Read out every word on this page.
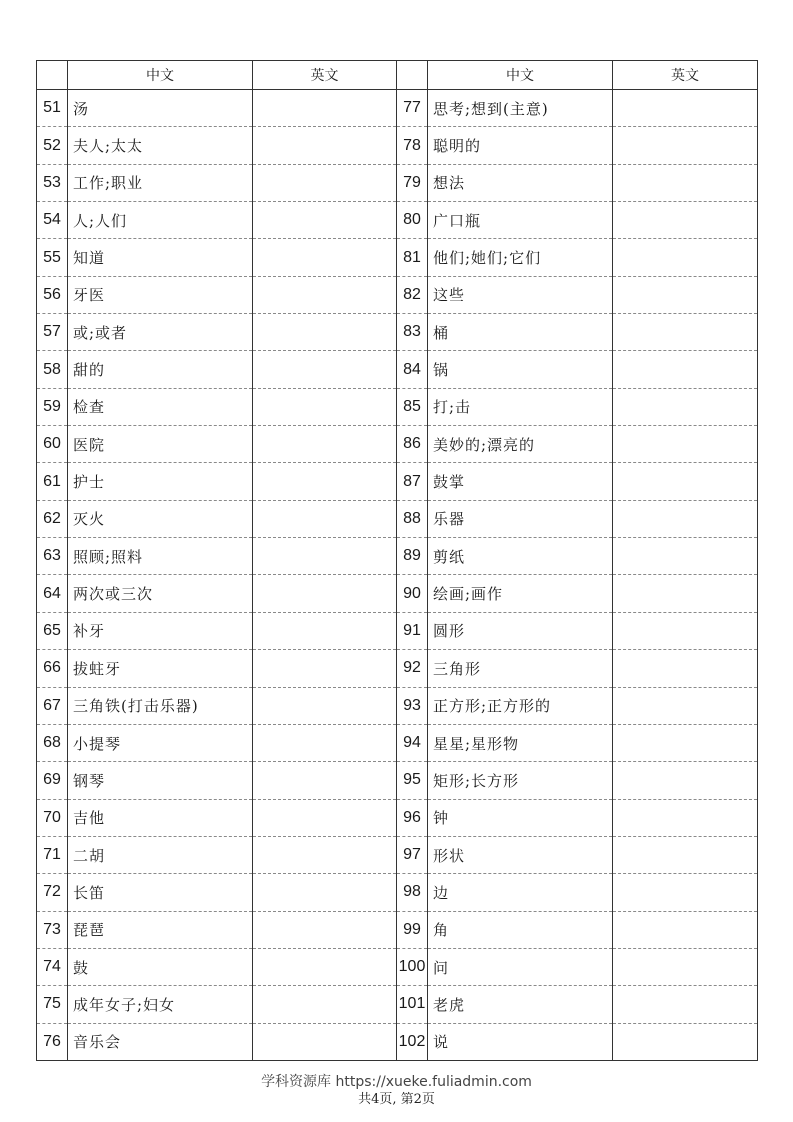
	中文	英文		中文	英文
51	汤		77	思考;想到(主意)	
52	夫人;太太		78	聪明的	
53	工作;职业		79	想法	
54	人;人们		80	广口瓶	
55	知道		81	他们;她们;它们	
56	牙医		82	这些	
57	或;或者		83	桶	
58	甜的		84	锅	
59	检查		85	打;击	
60	医院		86	美妙的;漂亮的	
61	护士		87	鼓掌	
62	灭火		88	乐器	
63	照顾;照料		89	剪纸	
64	两次或三次		90	绘画;画作	
65	补牙		91	圆形	
66	拔蛀牙		92	三角形	
67	三角铁(打击乐器)		93	正方形;正方形的	
68	小提琴		94	星星;星形物	
69	钢琴		95	矩形;长方形	
70	吉他		96	钟	
71	二胡		97	形状	
72	长笛		98	边	
73	琵琶		99	角	
74	鼓		100	问	
75	成年女子;妇女		101	老虎	
76	音乐会		102	说	
学科资源库 https://xueke.fuliadmin.com
共4页, 第2页
